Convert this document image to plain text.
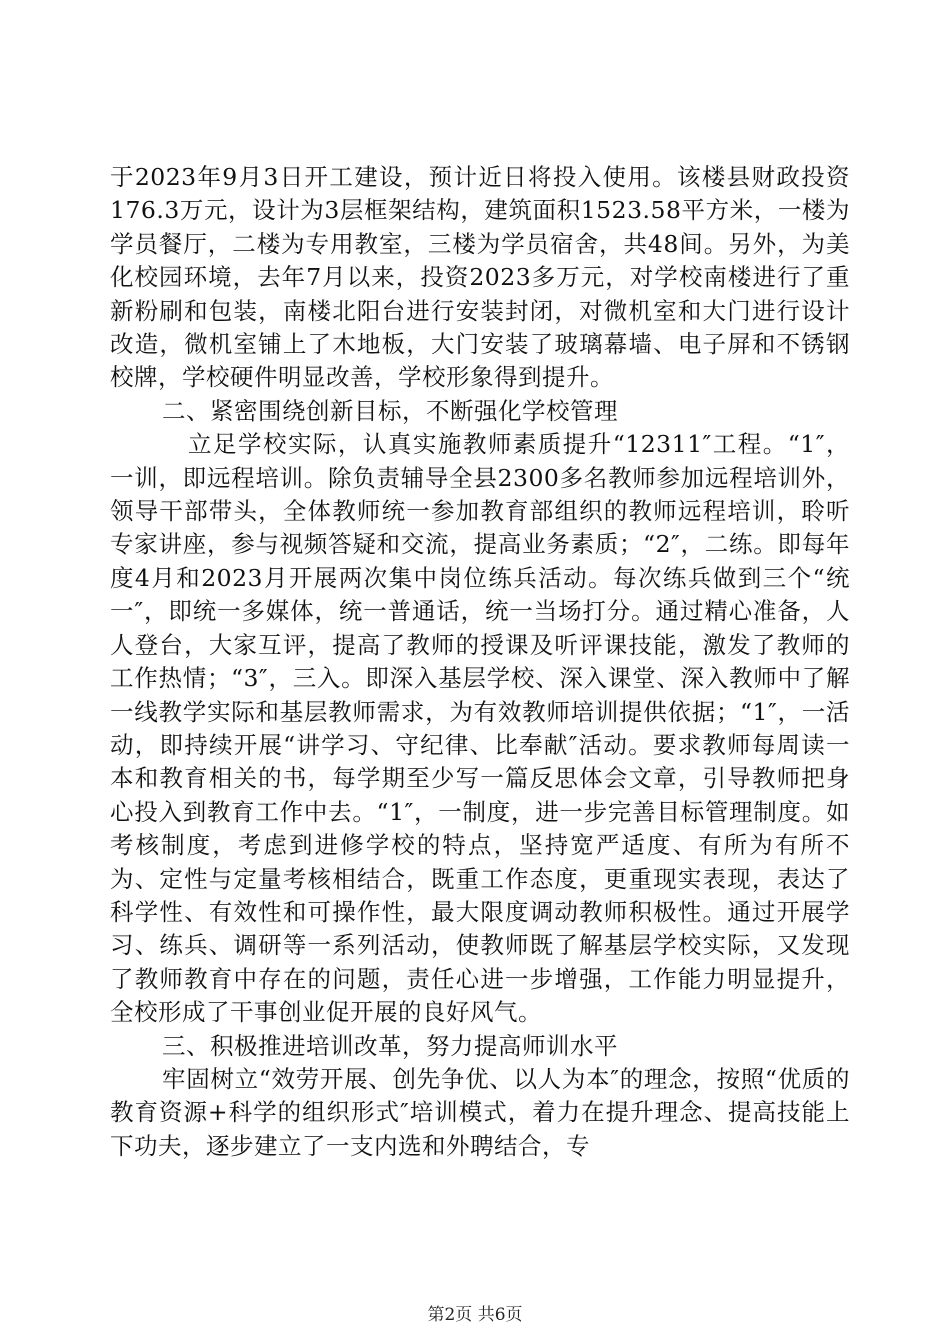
于2023年9月3日开工建设，预计近日将投入使用。该楼县财政投资176.3万元，设计为3层框架结构，建筑面积1523.58平方米，一楼为学员餐厅，二楼为专用教室，三楼为学员宿舍，共48间。另外，为美化校园环境，去年7月以来，投资2023多万元，对学校南楼进行了重新粉刷和包装，南楼北阳台进行安装封闭，对微机室和大门进行设计改造，微机室铺上了木地板，大门安装了玻璃幕墙、电子屏和不锈钢校牌，学校硬件明显改善，学校形象得到提升。

二、紧密围绕创新目标，不断强化学校管理

立足学校实际，认真实施教师素质提升“12311″工程。“1″，一训，即远程培训。除负责辅导全县2300多名教师参加远程培训外，领导干部带头，全体教师统一参加教育部组织的教师远程培训，聆听专家讲座，参与视频答疑和交流，提高业务素质；“2″，二练。即每年度4月和2023月开展两次集中岗位练兵活动。每次练兵做到三个“统一″，即统一多媒体，统一普通话，统一当场打分。通过精心准备，人人登台，大家互评，提高了教师的授课及听评课技能，激发了教师的工作热情；“3″，三入。即深入基层学校、深入课堂、深入教师中了解一线教学实际和基层教师需求，为有效教师培训提供依据；“1″，一活动，即持续开展“讲学习、守纪律、比奉献″活动。要求教师每周读一本和教育相关的书，每学期至少写一篇反思体会文章，引导教师把身心投入到教育工作中去。“1″，一制度，进一步完善目标管理制度。如考核制度，考虑到进修学校的特点，坚持宽严适度、有所为有所不为、定性与定量考核相结合，既重工作态度，更重现实表现，表达了科学性、有效性和可操作性，最大限度调动教师积极性。通过开展学习、练兵、调研等一系列活动，使教师既了解基层学校实际，又发现了教师教育中存在的问题，责任心进一步增强，工作能力明显提升，全校形成了干事创业促开展的良好风气。

三、积极推进培训改革，努力提高师训水平

牢固树立“效劳开展、创先争优、以人为本″的理念，按照“优质的教育资源+科学的组织形式″培训模式，着力在提升理念、提高技能上下功夫，逐步建立了一支内选和外聘结合，专

第2页 共6页
